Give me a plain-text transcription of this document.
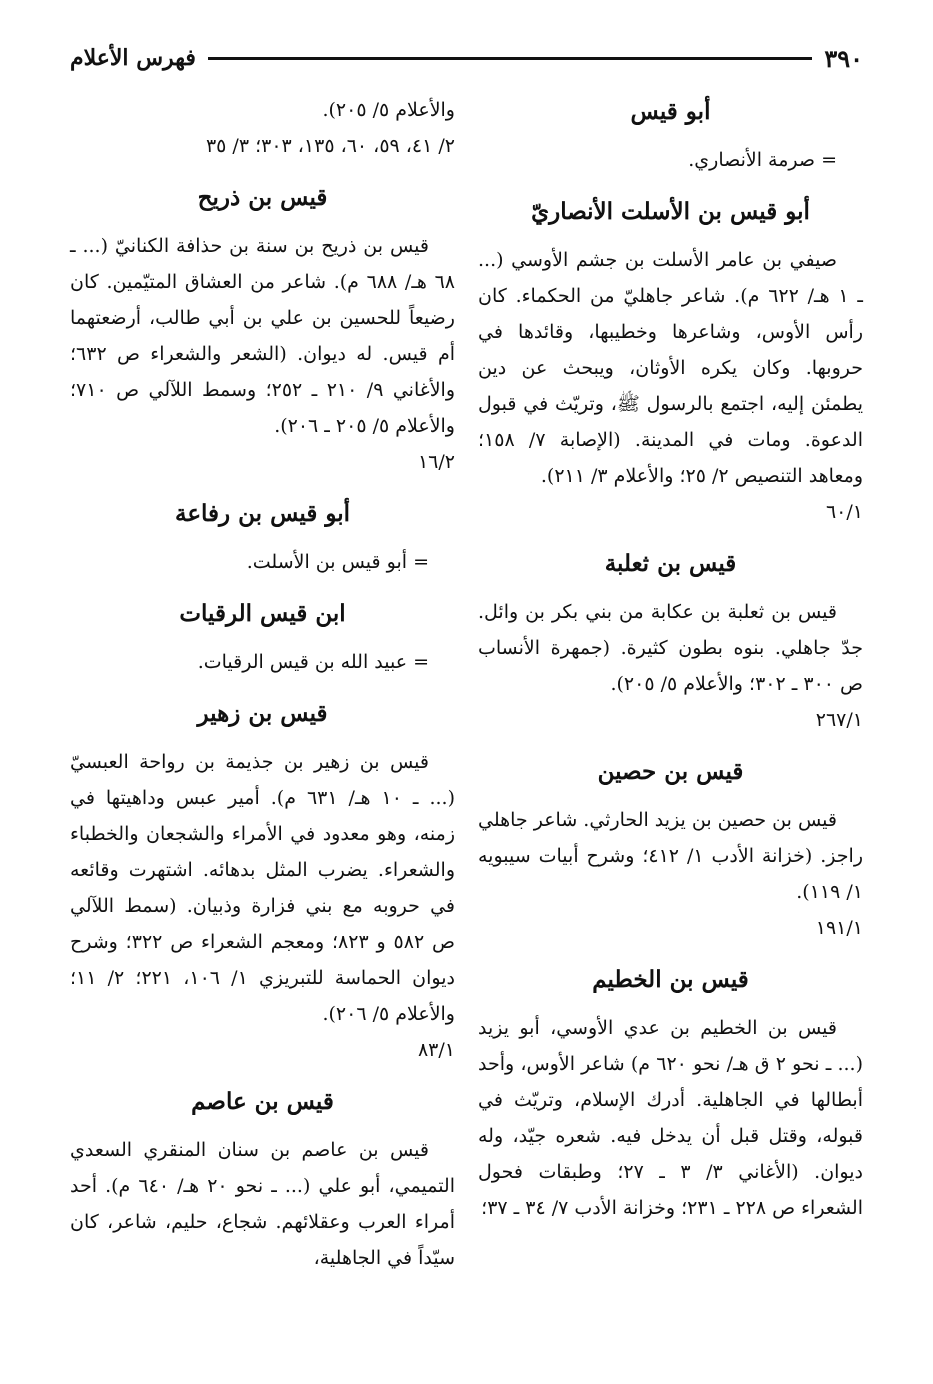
٣٩٠
فهرس الأعلام
أبو قيس

= صرمة الأنصاري.

أبو قيس بن الأسلت الأنصاريّ

صيفي بن عامر الأسلت بن جشم الأوسي (... ـ ١ هـ/ ٦٢٢ م). شاعر جاهليّ من الحكماء. كان رأس الأوس، وشاعرها وخطيبها، وقائدها في حروبها. وكان يكره الأوثان، ويبحث عن دين يطمئن إليه، اجتمع بالرسول ﷺ، وتريّث في قبول الدعوة. ومات في المدينة. (الإصابة ٧/ ١٥٨؛ ومعاهد التنصيص ٢/ ٢٥؛ والأعلام ٣/ ٢١١).

٦٠/١

قيس بن ثعلبة

قيس بن ثعلبة بن عكابة من بني بكر بن وائل. جدّ جاهلي. بنوه بطون كثيرة. (جمهرة الأنساب ص ٣٠٠ ـ ٣٠٢؛ والأعلام ٥/ ٢٠٥).

٢٦٧/١

قيس بن حصين

قيس بن حصين بن يزيد الحارثي. شاعر جاهلي راجز. (خزانة الأدب ١/ ٤١٢؛ وشرح أبيات سيبويه ١/ ١١٩).

١٩١/١

قيس بن الخطيم

قيس بن الخطيم بن عدي الأوسي، أبو يزيد (... ـ نحو ٢ ق هـ/ نحو ٦٢٠ م) شاعر الأوس، وأحد أبطالها في الجاهلية. أدرك الإسلام، وتريّث في قبوله، وقتل قبل أن يدخل فيه. شعره جيّد، وله ديوان. (الأغاني ٣/ ٣ ـ ٢٧؛ وطبقات فحول الشعراء ص ٢٢٨ ـ ٢٣١؛ وخزانة الأدب ٧/ ٣٤ ـ ٣٧؛

والأعلام ٥/ ٢٠٥).

٢/ ٤١، ٥٩، ٦٠، ١٣٥، ٣٠٣؛ ٣/ ٣٥

قيس بن ذريح

قيس بن ذريح بن سنة بن حذافة الكنانيّ (... ـ ٦٨ هـ/ ٦٨٨ م). شاعر من العشاق المتيّمين. كان رضيعاً للحسين بن علي بن أبي طالب، أرضعتهما أم قيس. له ديوان. (الشعر والشعراء ص ٦٣٢؛ والأغاني ٩/ ٢١٠ ـ ٢٥٢؛ وسمط اللآلي ص ٧١٠؛ والأعلام ٥/ ٢٠٥ ـ ٢٠٦).

١٦/٢

أبو قيس بن رفاعة

= أبو قيس بن الأسلت.

ابن قيس الرقيات

= عبيد الله بن قيس الرقيات.

قيس بن زهير

قيس بن زهير بن جذيمة بن رواحة العبسيّ (... ـ ١٠ هـ/ ٦٣١ م). أمير عبس وداهيتها في زمنه، وهو معدود في الأمراء والشجعان والخطباء والشعراء. يضرب المثل بدهائه. اشتهرت وقائعه في حروبه مع بني فزارة وذبيان. (سمط اللآلي ص ٥٨٢ و ٨٢٣؛ ومعجم الشعراء ص ٣٢٢؛ وشرح ديوان الحماسة للتبريزي ١/ ١٠٦، ٢٢١؛ ٢/ ١١؛ والأعلام ٥/ ٢٠٦).

٨٣/١

قيس بن عاصم

قيس بن عاصم بن سنان المنقري السعدي التميمي، أبو علي (... ـ نحو ٢٠ هـ/ ٦٤٠ م). أحد أمراء العرب وعقلائهم. شجاع، حليم، شاعر، كان سيّداً في الجاهلية،
